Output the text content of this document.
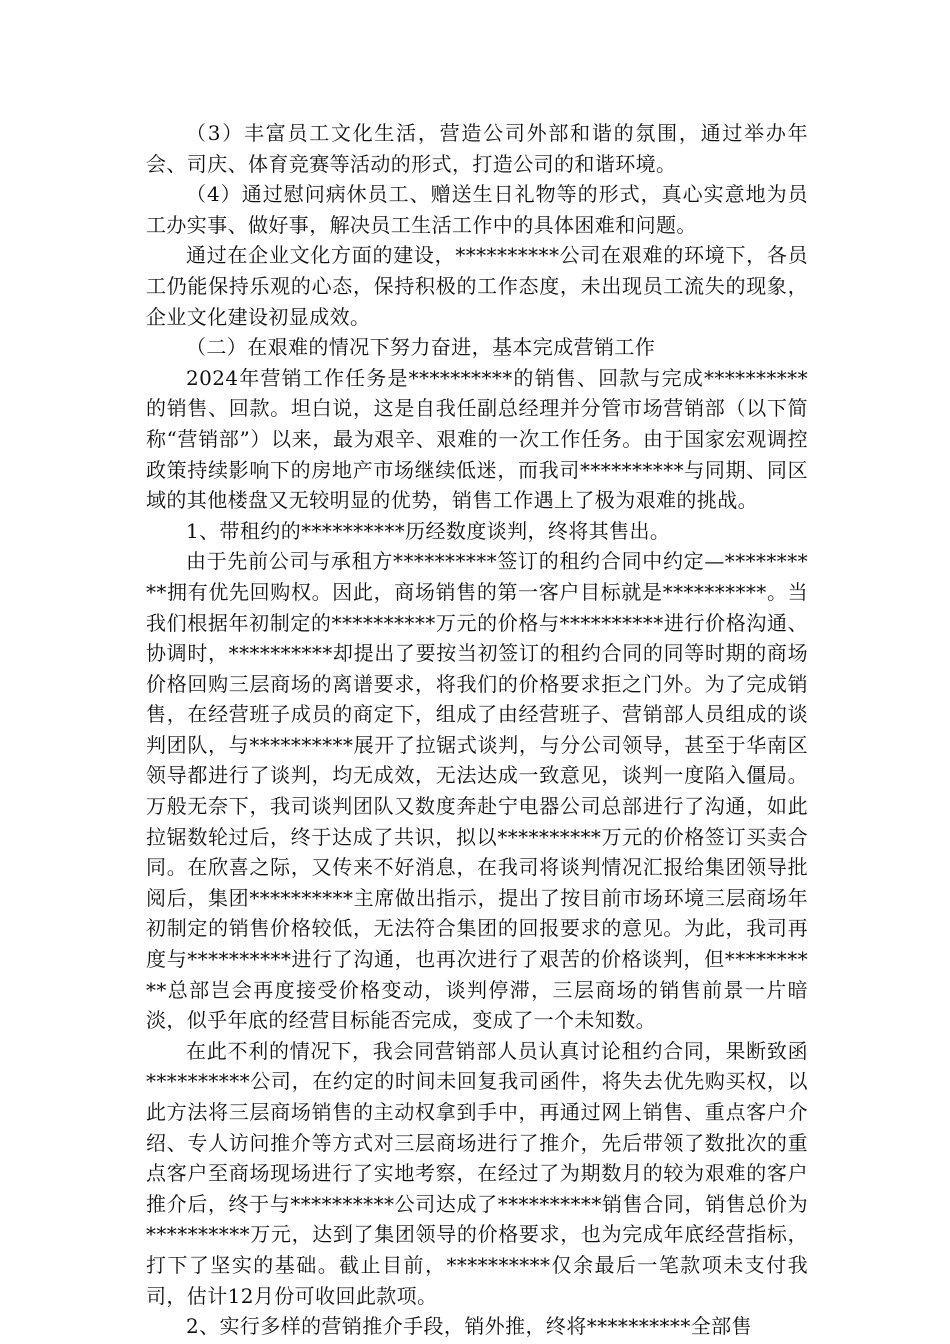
（3）丰富员工文化生活，营造公司外部和谐的氛围，通过举办年会、司庆、体育竞赛等活动的形式，打造公司的和谐环境。

（4）通过慰问病休员工、赠送生日礼物等的形式，真心实意地为员工办实事、做好事，解决员工生活工作中的具体困难和问题。

通过在企业文化方面的建设，**********公司在艰难的环境下，各员工仍能保持乐观的心态，保持积极的工作态度，未出现员工流失的现象，企业文化建设初显成效。

（二）在艰难的情况下努力奋进，基本完成营销工作

2024年营销工作任务是**********的销售、回款与完成**********的销售、回款。坦白说，这是自我任副总经理并分管市场营销部（以下简称“营销部”）以来，最为艰辛、艰难的一次工作任务。由于国家宏观调控政策持续影响下的房地产市场继续低迷，而我司**********与同期、同区域的其他楼盘又无较明显的优势，销售工作遇上了极为艰难的挑战。

1、带租约的**********历经数度谈判，终将其售出。

由于先前公司与承租方**********签订的租约合同中约定—**********拥有优先回购权。因此，商场销售的第一客户目标就是**********。当我们根据年初制定的**********万元的价格与**********进行价格沟通、协调时，**********却提出了要按当初签订的租约合同的同等时期的商场价格回购三层商场的离谱要求，将我们的价格要求拒之门外。为了完成销售，在经营班子成员的商定下，组成了由经营班子、营销部人员组成的谈判团队，与**********展开了拉锯式谈判，与分公司领导，甚至于华南区领导都进行了谈判，均无成效，无法达成一致意见，谈判一度陷入僵局。万般无奈下，我司谈判团队又数度奔赴宁电器公司总部进行了沟通，如此拉锯数轮过后，终于达成了共识，拟以**********万元的价格签订买卖合同。在欣喜之际，又传来不好消息，在我司将谈判情况汇报给集团领导批阅后，集团**********主席做出指示，提出了按目前市场环境三层商场年初制定的销售价格较低，无法符合集团的回报要求的意见。为此，我司再度与**********进行了沟通，也再次进行了艰苦的价格谈判，但**********总部岂会再度接受价格变动，谈判停滞，三层商场的销售前景一片暗淡，似乎年底的经营目标能否完成，变成了一个未知数。

在此不利的情况下，我会同营销部人员认真讨论租约合同，果断致函**********公司，在约定的时间未回复我司函件，将失去优先购买权，以此方法将三层商场销售的主动权拿到手中，再通过网上销售、重点客户介绍、专人访问推介等方式对三层商场进行了推介，先后带领了数批次的重点客户至商场现场进行了实地考察，在经过了为期数月的较为艰难的客户推介后，终于与**********公司达成了**********销售合同，销售总价为**********万元，达到了集团领导的价格要求，也为完成年底经营指标，打下了坚实的基础。截止目前，**********仅余最后一笔款项未支付我司，估计12月份可收回此款项。

2、实行多样的营销推介手段，销外推，终将**********全部售
